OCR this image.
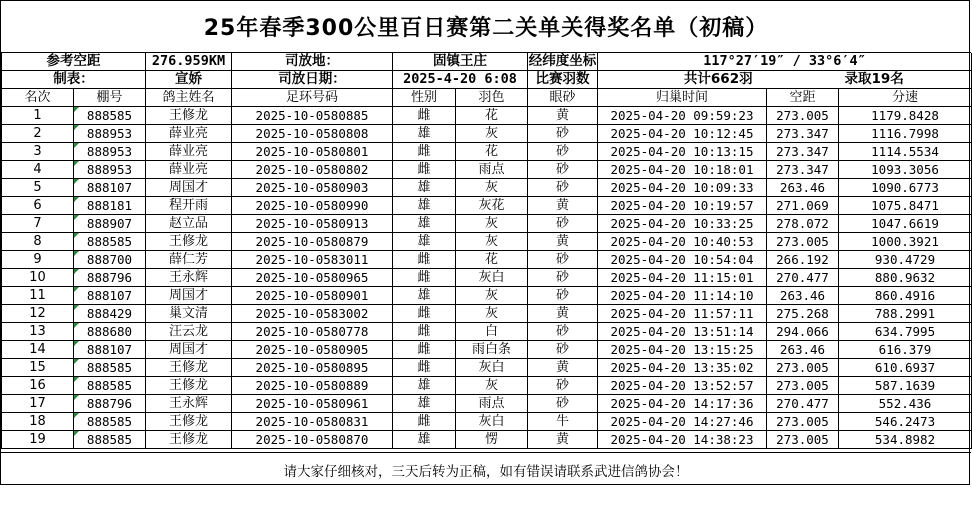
25年春季300公里百日赛第二关单关得奖名单（初稿）
参考空距		276.959KM	司放地：	固镇王庄		经纬度坐标	117°27′19″ / 33°6′4″		
制表：		宣娇	司放日期：	2025-4-20 6:08		比赛羽数	共计662羽		录取19名
名次	棚号	鸽主姓名	足环号码	性别	羽色	眼砂	归巢时间	空距	分速
1	888585	王修龙	2025-10-0580885	雌	花	黄	2025-04-20 09:59:23	273.005	1179.8428
2	888953	薛业亮	2025-10-0580808	雄	灰	砂	2025-04-20 10:12:45	273.347	1116.7998
3	888953	薛业亮	2025-10-0580801	雌	花	砂	2025-04-20 10:13:15	273.347	1114.5534
4	888953	薛业亮	2025-10-0580802	雌	雨点	砂	2025-04-20 10:18:01	273.347	1093.3056
5	888107	周国才	2025-10-0580903	雄	灰	砂	2025-04-20 10:09:33	263.46	1090.6773
6	888181	程开雨	2025-10-0580990	雄	灰花	黄	2025-04-20 10:19:57	271.069	1075.8471
7	888907	赵立品	2025-10-0580913	雄	灰	砂	2025-04-20 10:33:25	278.072	1047.6619
8	888585	王修龙	2025-10-0580879	雄	灰	黄	2025-04-20 10:40:53	273.005	1000.3921
9	888700	薛仁芳	2025-10-0583011	雌	花	砂	2025-04-20 10:54:04	266.192	930.4729
10	888796	王永辉	2025-10-0580965	雌	灰白	砂	2025-04-20 11:15:01	270.477	880.9632
11	888107	周国才	2025-10-0580901	雄	灰	砂	2025-04-20 11:14:10	263.46	860.4916
12	888429	巢文清	2025-10-0583002	雌	灰	黄	2025-04-20 11:57:11	275.268	788.2991
13	888680	汪云龙	2025-10-0580778	雌	白	砂	2025-04-20 13:51:14	294.066	634.7995
14	888107	周国才	2025-10-0580905	雌	雨白条	砂	2025-04-20 13:15:25	263.46	616.379
15	888585	王修龙	2025-10-0580895	雌	灰白	黄	2025-04-20 13:35:02	273.005	610.6937
16	888585	王修龙	2025-10-0580889	雄	灰	砂	2025-04-20 13:52:57	273.005	587.1639
17	888796	王永辉	2025-10-0580961	雄	雨点	砂	2025-04-20 14:17:36	270.477	552.436
18	888585	王修龙	2025-10-0580831	雌	灰白	牛	2025-04-20 14:27:46	273.005	546.2473
19	888585	王修龙	2025-10-0580870	雄	愣	黄	2025-04-20 14:38:23	273.005	534.8982
请大家仔细核对，三天后转为正稿，如有错误请联系武进信鸽协会！
